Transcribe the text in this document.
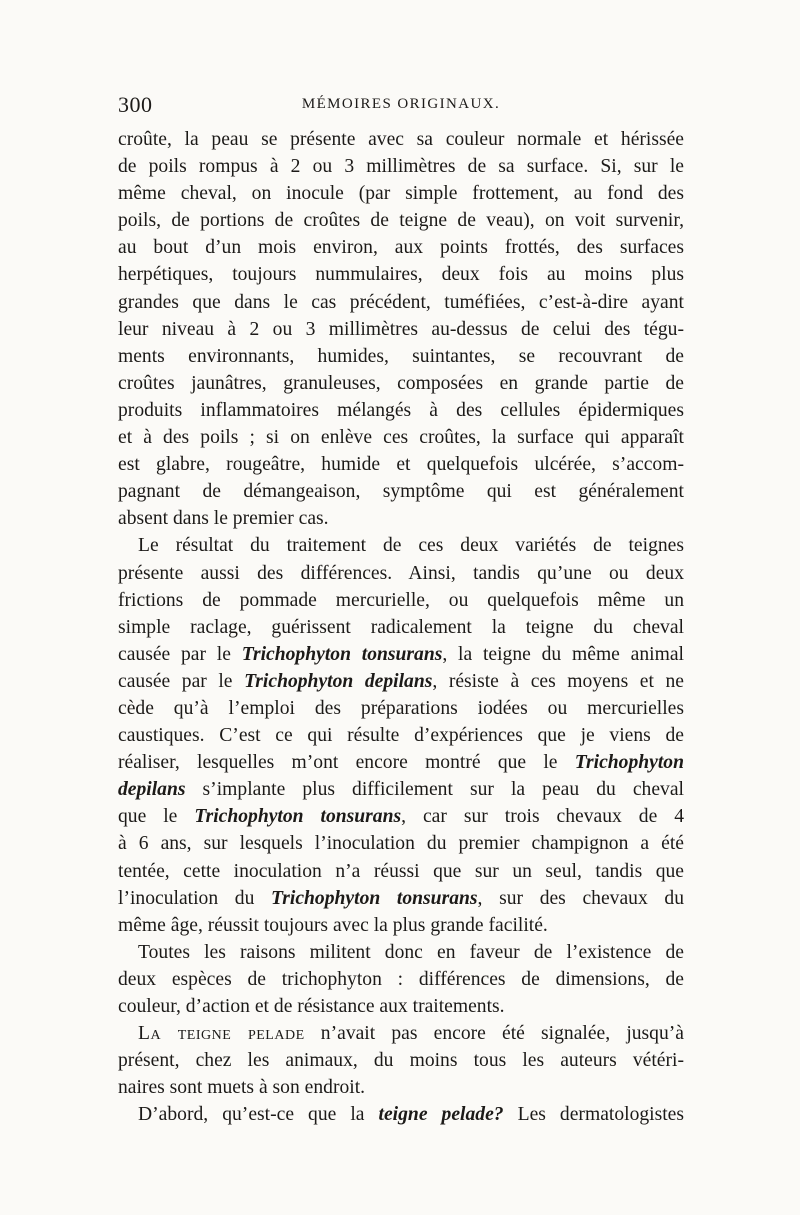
300	MÉMOIRES ORIGINAUX.
croûte, la peau se présente avec sa couleur normale et hérissée
de poils rompus à 2 ou 3 millimètres de sa surface. Si, sur le
même cheval, on inocule (par simple frottement, au fond des
poils, de portions de croûtes de teigne de veau), on voit survenir,
au bout d’un mois environ, aux points frottés, des surfaces
herpétiques, toujours nummulaires, deux fois au moins plus
grandes que dans le cas précédent, tuméfiées, c’est-à-dire ayant
leur niveau à 2 ou 3 millimètres au-dessus de celui des tégu-
ments environnants, humides, suintantes, se recouvrant de
croûtes jaunâtres, granuleuses, composées en grande partie de
produits inflammatoires mélangés à des cellules épidermiques
et à des poils ; si on enlève ces croûtes, la surface qui apparaît
est glabre, rougeâtre, humide et quelquefois ulcérée, s’accom-
pagnant de démangeaison, symptôme qui est généralement
absent dans le premier cas.
Le résultat du traitement de ces deux variétés de teignes
présente aussi des différences. Ainsi, tandis qu’une ou deux
frictions de pommade mercurielle, ou quelquefois même un
simple raclage, guérissent radicalement la teigne du cheval
causée par le Trichophyton tonsurans, la teigne du même animal
causée par le Trichophyton depilans, résiste à ces moyens et ne
cède qu’à l’emploi des préparations iodées ou mercurielles
caustiques. C’est ce qui résulte d’expériences que je viens de
réaliser, lesquelles m’ont encore montré que le Trichophyton
depilans s’implante plus difficilement sur la peau du cheval
que le Trichophyton tonsurans, car sur trois chevaux de 4
à 6 ans, sur lesquels l’inoculation du premier champignon a été
tentée, cette inoculation n’a réussi que sur un seul, tandis que
l’inoculation du Trichophyton tonsurans, sur des chevaux du
même âge, réussit toujours avec la plus grande facilité.
Toutes les raisons militent donc en faveur de l’existence de
deux espèces de trichophyton : différences de dimensions, de
couleur, d’action et de résistance aux traitements.
La teigne pelade n’avait pas encore été signalée, jusqu’à
présent, chez les animaux, du moins tous les auteurs vétéri-
naires sont muets à son endroit.
D’abord, qu’est-ce que la teigne pelade? Les dermatologistes
